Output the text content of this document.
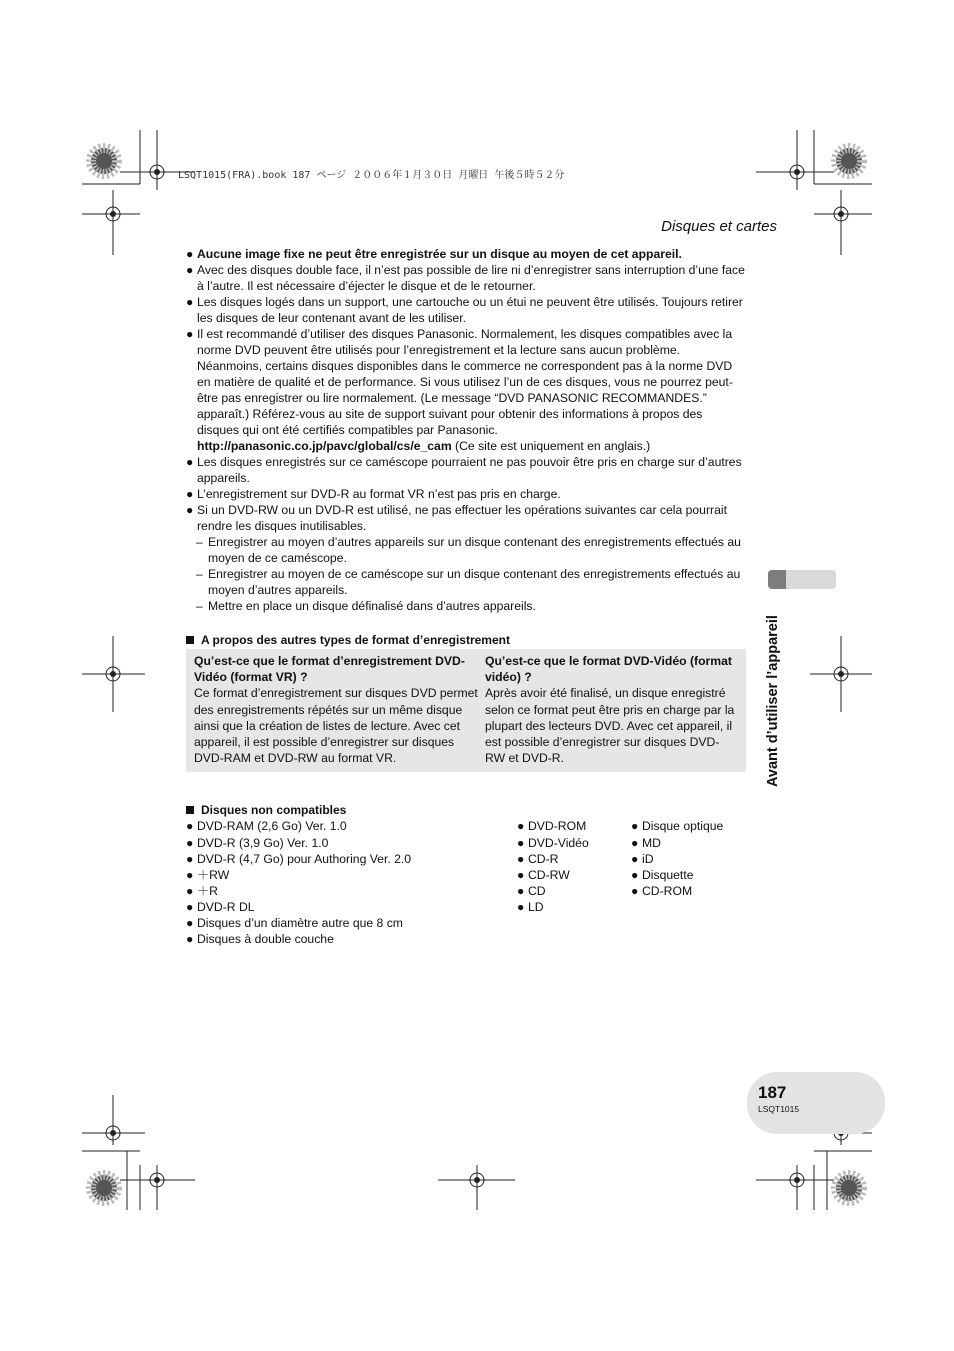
LSQT1015(FRA).book 187 ページ ２００６年１月３０日 月曜日 午後５時５２分
Disques et cartes

● Aucune image fixe ne peut être enregistrée sur un disque au moyen de cet appareil.

● Avec des disques double face, il n’est pas possible de lire ni d’enregistrer sans interruption d’une face à l’autre. Il est nécessaire d’éjecter le disque et de le retourner.

● Les disques logés dans un support, une cartouche ou un étui ne peuvent être utilisés. Toujours retirer les disques de leur contenant avant de les utiliser.

● Il est recommandé d’utiliser des disques Panasonic. Normalement, les disques compatibles avec la norme DVD peuvent être utilisés pour l’enregistrement et la lecture sans aucun problème. Néanmoins, certains disques disponibles dans le commerce ne correspondent pas à la norme DVD en matière de qualité et de performance. Si vous utilisez l’un de ces disques, vous ne pourrez peut-être pas enregistrer ou lire normalement. (Le message “DVD PANASONIC RECOMMANDES.” apparaît.) Référez-vous au site de support suivant pour obtenir des informations à propos des disques qui ont été certifiés compatibles par Panasonic.
http://panasonic.co.jp/pavc/global/cs/e_cam (Ce site est uniquement en anglais.)

● Les disques enregistrés sur ce caméscope pourraient ne pas pouvoir être pris en charge sur d’autres appareils.

● L’enregistrement sur DVD-R au format VR n’est pas pris en charge.

● Si un DVD-RW ou un DVD-R est utilisé, ne pas effectuer les opérations suivantes car cela pourrait rendre les disques inutilisables.

– Enregistrer au moyen d’autres appareils sur un disque contenant des enregistrements effectués au moyen de ce caméscope.

– Enregistrer au moyen de ce caméscope sur un disque contenant des enregistrements effectués au moyen d’autres appareils.

– Mettre en place un disque définalisé dans d’autres appareils.

A propos des autres types de format d’enregistrement
Qu’est-ce que le format d’enregistrement DVD-Vidéo (format VR) ?
Ce format d’enregistrement sur disques DVD permet des enregistrements répétés sur un même disque ainsi que la création de listes de lecture. Avec cet appareil, il est possible d’enregistrer sur disques DVD-RAM et DVD-RW au format VR.
Qu’est-ce que le format DVD-Vidéo (format vidéo) ?
Après avoir été finalisé, un disque enregistré selon ce format peut être pris en charge par la plupart des lecteurs DVD. Avec cet appareil, il est possible d’enregistrer sur disques DVD-RW et DVD-R.
Disques non compatibles

● DVD-RAM (2,6 Go) Ver. 1.0

● DVD-R (3,9 Go) Ver. 1.0

● DVD-R (4,7 Go) pour Authoring Ver. 2.0

● ＋RW

● ＋R

● DVD-R DL

● Disques d’un diamètre autre que 8 cm

● Disques à double couche

● DVD-ROM

● DVD-Vidéo

● CD-R

● CD-RW

● CD

● LD

● Disque optique

● MD

● iD

● Disquette

● CD-ROM

Avant d’utiliser l’appareil
187
LSQT1015
